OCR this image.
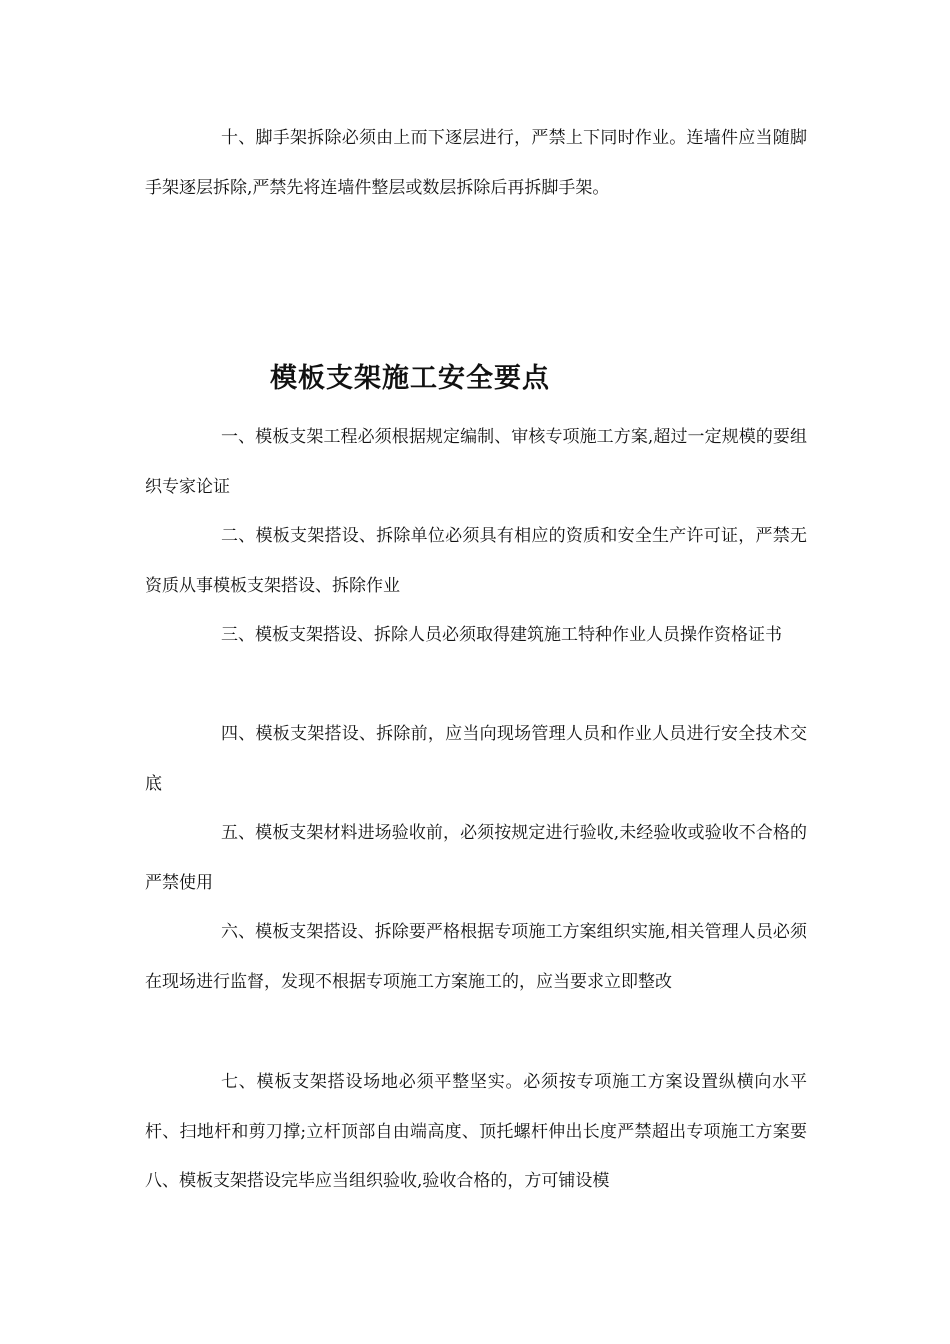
十、脚手架拆除必须由上而下逐层进行，严禁上下同时作业。连墙件应当随脚手架逐层拆除,严禁先将连墙件整层或数层拆除后再拆脚手架。

模板支架施工安全要点

一、模板支架工程必须根据规定编制、审核专项施工方案,超过一定规模的要组织专家论证

二、模板支架搭设、拆除单位必须具有相应的资质和安全生产许可证，严禁无资质从事模板支架搭设、拆除作业

三、模板支架搭设、拆除人员必须取得建筑施工特种作业人员操作资格证书

四、模板支架搭设、拆除前，应当向现场管理人员和作业人员进行安全技术交底

五、模板支架材料进场验收前，必须按规定进行验收,未经验收或验收不合格的严禁使用

六、模板支架搭设、拆除要严格根据专项施工方案组织实施,相关管理人员必须在现场进行监督，发现不根据专项施工方案施工的，应当要求立即整改

七、模板支架搭设场地必须平整坚实。必须按专项施工方案设置纵横向水平杆、扫地杆和剪刀撑;立杆顶部自由端高度、顶托螺杆伸出长度严禁超出专项施工方案要八、模板支架搭设完毕应当组织验收,验收合格的，方可铺设模
